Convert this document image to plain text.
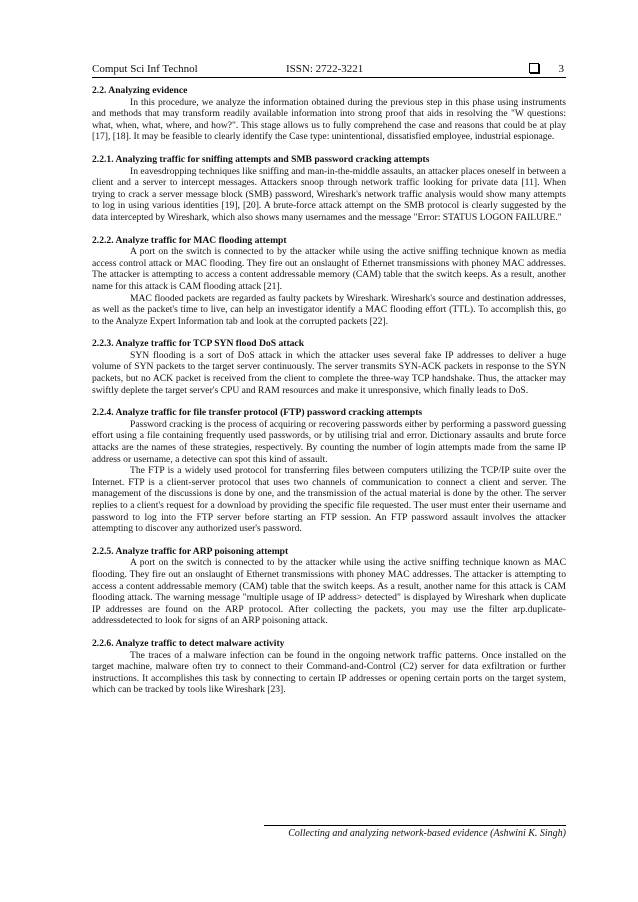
Comput Sci Inf Technol	ISSN: 2722-3221	3
2.2. Analyzing evidence

In this procedure, we analyze the information obtained during the previous step in this phase using instruments and methods that may transform readily available information into strong proof that aids in resolving the "W questions: what, when, what, where, and how?". This stage allows us to fully comprehend the case and reasons that could be at play [17], [18]. It may be feasible to clearly identify the Case type: unintentional, dissatisfied employee, industrial espionage.

2.2.1. Analyzing traffic for sniffing attempts and SMB password cracking attempts

In eavesdropping techniques like sniffing and man-in-the-middle assaults, an attacker places oneself in between a client and a server to intercept messages. Attackers snoop through network traffic looking for private data [11]. When trying to crack a server message block (SMB) password, Wireshark's network traffic analysis would show many attempts to log in using various identities [19], [20]. A brute-force attack attempt on the SMB protocol is clearly suggested by the data intercepted by Wireshark, which also shows many usernames and the message "Error: STATUS LOGON FAILURE."

2.2.2. Analyze traffic for MAC flooding attempt

A port on the switch is connected to by the attacker while using the active sniffing technique known as media access control attack or MAC flooding. They fire out an onslaught of Ethernet transmissions with phoney MAC addresses. The attacker is attempting to access a content addressable memory (CAM) table that the switch keeps. As a result, another name for this attack is CAM flooding attack [21].

MAC flooded packets are regarded as faulty packets by Wireshark. Wireshark's source and destination addresses, as well as the packet's time to live, can help an investigator identify a MAC flooding effort (TTL). To accomplish this, go to the Analyze Expert Information tab and look at the corrupted packets [22].

2.2.3. Analyze traffic for TCP SYN flood DoS attack

SYN flooding is a sort of DoS attack in which the attacker uses several fake IP addresses to deliver a huge volume of SYN packets to the target server continuously. The server transmits SYN-ACK packets in response to the SYN packets, but no ACK packet is received from the client to complete the three-way TCP handshake. Thus, the attacker may swiftly deplete the target server's CPU and RAM resources and make it unresponsive, which finally leads to DoS.

2.2.4. Analyze traffic for file transfer protocol (FTP) password cracking attempts

Password cracking is the process of acquiring or recovering passwords either by performing a password guessing effort using a file containing frequently used passwords, or by utilising trial and error. Dictionary assaults and brute force attacks are the names of these strategies, respectively. By counting the number of login attempts made from the same IP address or username, a detective can spot this kind of assault.

The FTP is a widely used protocol for transferring files between computers utilizing the TCP/IP suite over the Internet. FTP is a client-server protocol that uses two channels of communication to connect a client and server. The management of the discussions is done by one, and the transmission of the actual material is done by the other. The server replies to a client's request for a download by providing the specific file requested. The user must enter their username and password to log into the FTP server before starting an FTP session. An FTP password assault involves the attacker attempting to discover any authorized user's password.

2.2.5. Analyze traffic for ARP poisoning attempt

A port on the switch is connected to by the attacker while using the active sniffing technique known as MAC flooding. They fire out an onslaught of Ethernet transmissions with phoney MAC addresses. The attacker is attempting to access a content addressable memory (CAM) table that the switch keeps. As a result, another name for this attack is CAM flooding attack. The warning message "multiple usage of IP address> detected" is displayed by Wireshark when duplicate IP addresses are found on the ARP protocol. After collecting the packets, you may use the filter arp.duplicate-addressdetected to look for signs of an ARP poisoning attack.

2.2.6. Analyze traffic to detect malware activity

The traces of a malware infection can be found in the ongoing network traffic patterns. Once installed on the target machine, malware often try to connect to their Command-and-Control (C2) server for data exfiltration or further instructions. It accomplishes this task by connecting to certain IP addresses or opening certain ports on the target system, which can be tracked by tools like Wireshark [23].

Collecting and analyzing network-based evidence (Ashwini K. Singh)
